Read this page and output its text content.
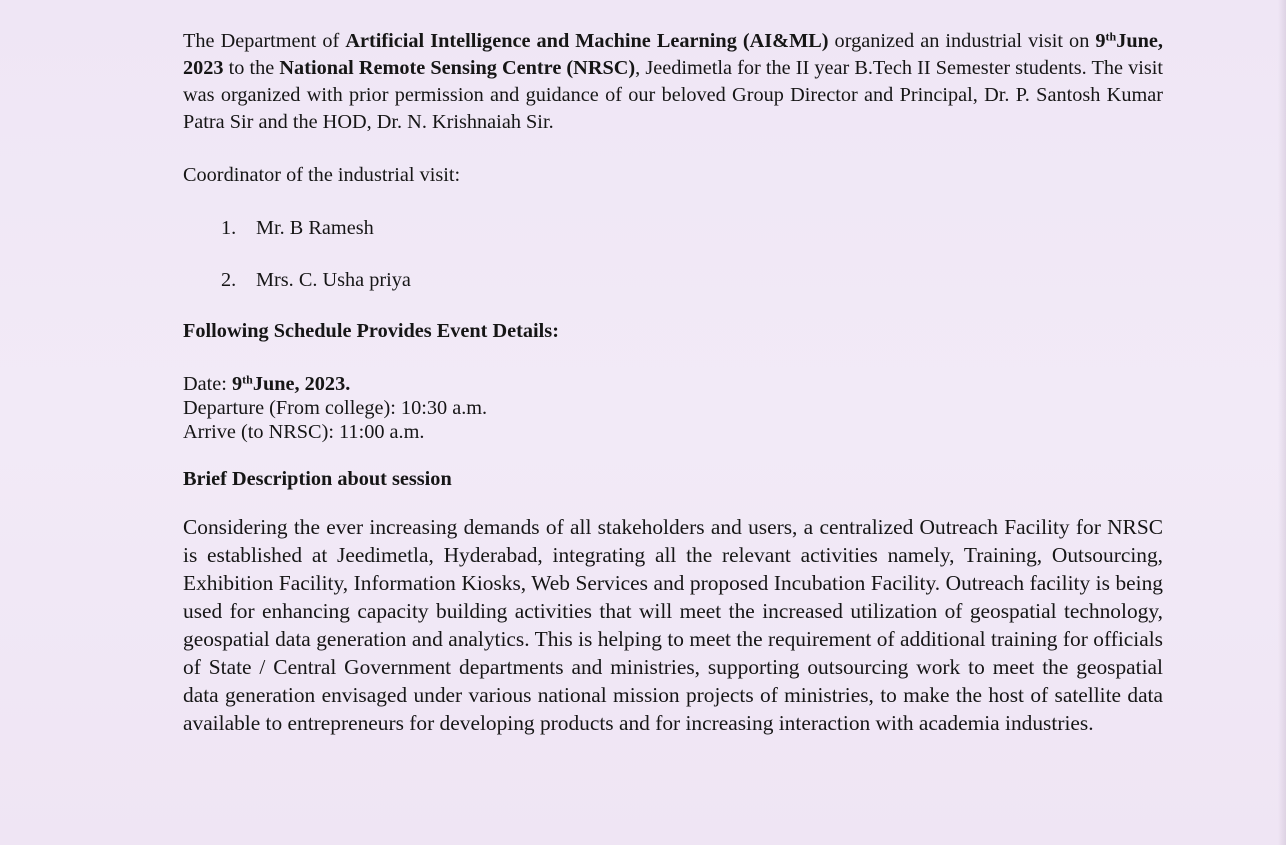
The Department of Artificial Intelligence and Machine Learning (AI&ML) organized an industrial visit on 9thJune, 2023 to the National Remote Sensing Centre (NRSC), Jeedimetla for the II year B.Tech II Semester students. The visit was organized with prior permission and guidance of our beloved Group Director and Principal, Dr. P. Santosh Kumar Patra Sir and the HOD, Dr. N. Krishnaiah Sir.

Coordinator of the industrial visit:

1. Mr. B Ramesh
2. Mrs. C. Usha priya

Following Schedule Provides Event Details:

Date: 9thJune, 2023.
Departure (From college): 10:30 a.m.
Arrive (to NRSC): 11:00 a.m.

Brief Description about session

Considering the ever increasing demands of all stakeholders and users, a centralized Outreach Facility for NRSC is established at Jeedimetla, Hyderabad, integrating all the relevant activities namely, Training, Outsourcing, Exhibition Facility, Information Kiosks, Web Services and proposed Incubation Facility. Outreach facility is being used for enhancing capacity building activities that will meet the increased utilization of geospatial technology, geospatial data generation and analytics. This is helping to meet the requirement of additional training for officials of State / Central Government departments and ministries, supporting outsourcing work to meet the geospatial data generation envisaged under various national mission projects of ministries, to make the host of satellite data available to entrepreneurs for developing products and for increasing interaction with academia industries.
